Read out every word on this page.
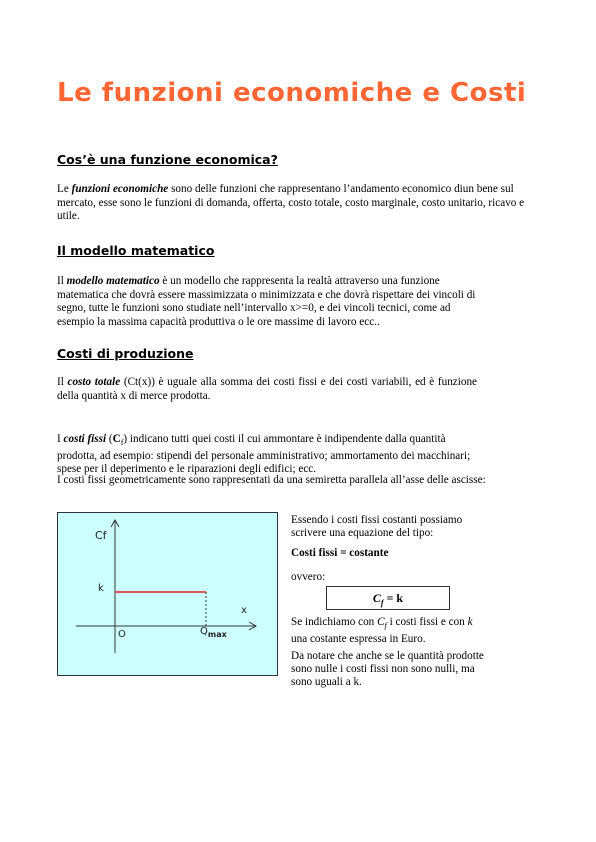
Le funzioni economiche e Costi
Cos’è una funzione economica?
Le funzioni economiche sono delle funzioni che rappresentano l’andamento economico diun bene sul mercato, esse sono le funzioni di domanda, offerta, costo totale, costo marginale, costo unitario, ricavo e utile.
Il modello matematico
Il modello matematico è un modello che rappresenta la realtà attraverso una funzione matematica che dovrà essere massimizzata o minimizzata e che dovrà rispettare dei vincoli di segno, tutte le funzioni sono studiate nell’intervallo x>=0, e dei vincoli tecnici, come ad esempio la massima capacità produttiva o le ore massime di lavoro ecc..
Costi di produzione
Il costo totale (Ct(x)) è uguale alla somma dei costi fissi e dei costi variabili, ed è funzione della quantità x di merce prodotta.
I costi fissi $(C_f)$ indicano tutti quei costi il cui ammontare è indipendente dalla quantità prodotta, ad esempio: stipendi del personale amministrativo; ammortamento dei macchinari; spese per il deperimento e le riparazioni degli edifici; ecc.
I costi fissi geometricamente sono rappresentati da una semiretta parallela all’asse delle ascisse:
Cf
x
k
O	$Q_{max}$
Essendo i costi fissi costanti possiamo scrivere una equazione del tipo:
Costi fissi = costante
ovvero:
$C_f = k$
Se indichiamo con $C_f$ i costi fissi e con k una costante espressa in Euro.
Da notare che anche se le quantità prodotte sono nulle i costi fissi non sono nulli, ma sono uguali a k.
